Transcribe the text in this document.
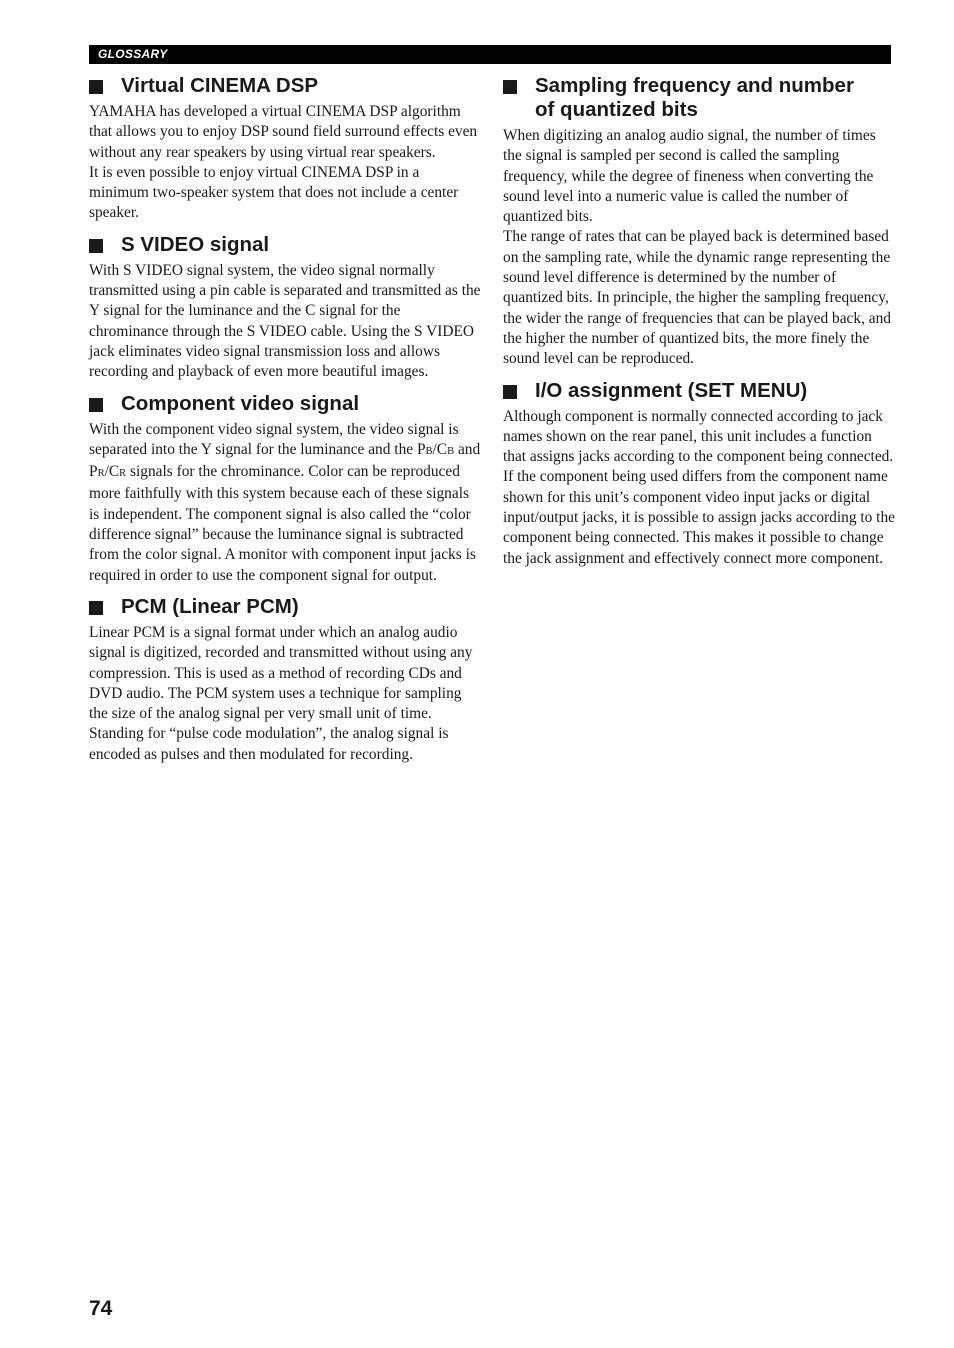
GLOSSARY
Virtual CINEMA DSP

YAMAHA has developed a virtual CINEMA DSP algorithm that allows you to enjoy DSP sound field surround effects even without any rear speakers by using virtual rear speakers.

It is even possible to enjoy virtual CINEMA DSP in a minimum two-speaker system that does not include a center speaker.

S VIDEO signal

With S VIDEO signal system, the video signal normally transmitted using a pin cable is separated and transmitted as the Y signal for the luminance and the C signal for the chrominance through the S VIDEO cable. Using the S VIDEO jack eliminates video signal transmission loss and allows recording and playback of even more beautiful images.

Component video signal

With the component video signal system, the video signal is separated into the Y signal for the luminance and the PB/CB and PR/CR signals for the chrominance. Color can be reproduced more faithfully with this system because each of these signals is independent. The component signal is also called the “color difference signal” because the luminance signal is subtracted from the color signal. A monitor with component input jacks is required in order to use the component signal for output.

PCM (Linear PCM)

Linear PCM is a signal format under which an analog audio signal is digitized, recorded and transmitted without using any compression. This is used as a method of recording CDs and DVD audio. The PCM system uses a technique for sampling the size of the analog signal per very small unit of time. Standing for “pulse code modulation”, the analog signal is encoded as pulses and then modulated for recording.

Sampling frequency and number
of quantized bits

When digitizing an analog audio signal, the number of times the signal is sampled per second is called the sampling frequency, while the degree of fineness when converting the sound level into a numeric value is called the number of quantized bits.

The range of rates that can be played back is determined based on the sampling rate, while the dynamic range representing the sound level difference is determined by the number of quantized bits. In principle, the higher the sampling frequency, the wider the range of frequencies that can be played back, and the higher the number of quantized bits, the more finely the sound level can be reproduced.

I/O assignment (SET MENU)

Although component is normally connected according to jack names shown on the rear panel, this unit includes a function that assigns jacks according to the component being connected. If the component being used differs from the component name shown for this unit’s component video input jacks or digital input/output jacks, it is possible to assign jacks according to the component being connected. This makes it possible to change the jack assignment and effectively connect more component.

74
